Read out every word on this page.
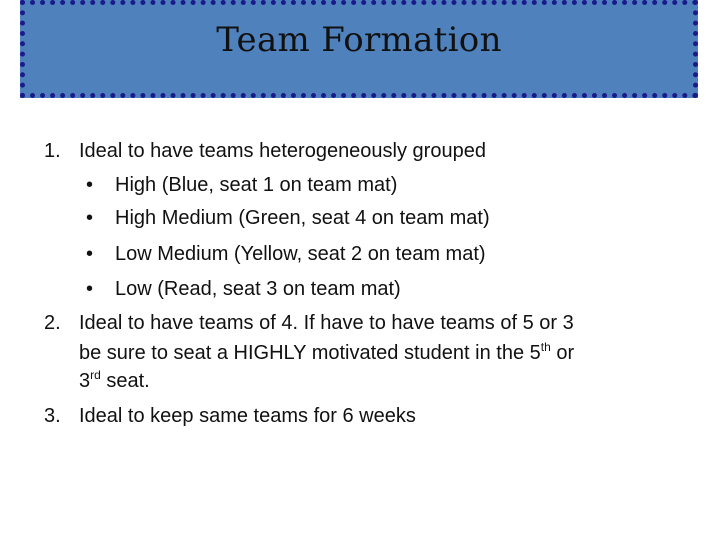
Team Formation
1. Ideal to have teams heterogeneously grouped
• High (Blue, seat 1 on team mat)
• High Medium (Green, seat 4 on team mat)
• Low Medium (Yellow, seat 2 on team mat)
• Low (Read, seat 3 on team mat)
2. Ideal to have teams of 4. If have to have teams of 5 or 3
be sure to seat a HIGHLY motivated student in the 5th or
3rd seat.
3. Ideal to keep same teams for 6 weeks
